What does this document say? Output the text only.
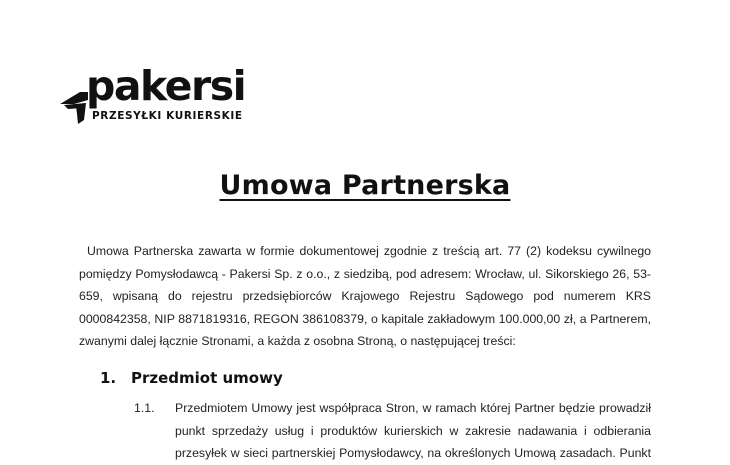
pakersi
PRZESYŁKI KURIERSKIE
Umowa Partnerska

Umowa Partnerska zawarta w formie dokumentowej zgodnie z treścią art. 77 (2) kodeksu cywilnego pomiędzy Pomysłodawcą - Pakersi Sp. z o.o., z siedzibą, pod adresem: Wrocław, ul. Sikorskiego 26, 53-659, wpisaną do rejestru przedsiębiorców Krajowego Rejestru Sądowego pod numerem KRS 0000842358, NIP 8871819316, REGON 386108379, o kapitale zakładowym 100.000,00 zł, a Partnerem, zwanymi dalej łącznie Stronami, a każda z osobna Stroną, o następującej treści:

1. Przedmiot umowy
1.1. Przedmiotem Umowy jest współpraca Stron, w ramach której Partner będzie prowadził punkt sprzedaży usług i produktów kurierskich w zakresie nadawania i odbierania przesyłek w sieci partnerskiej Pomysłodawcy, na określonych Umową zasadach. Punkt
